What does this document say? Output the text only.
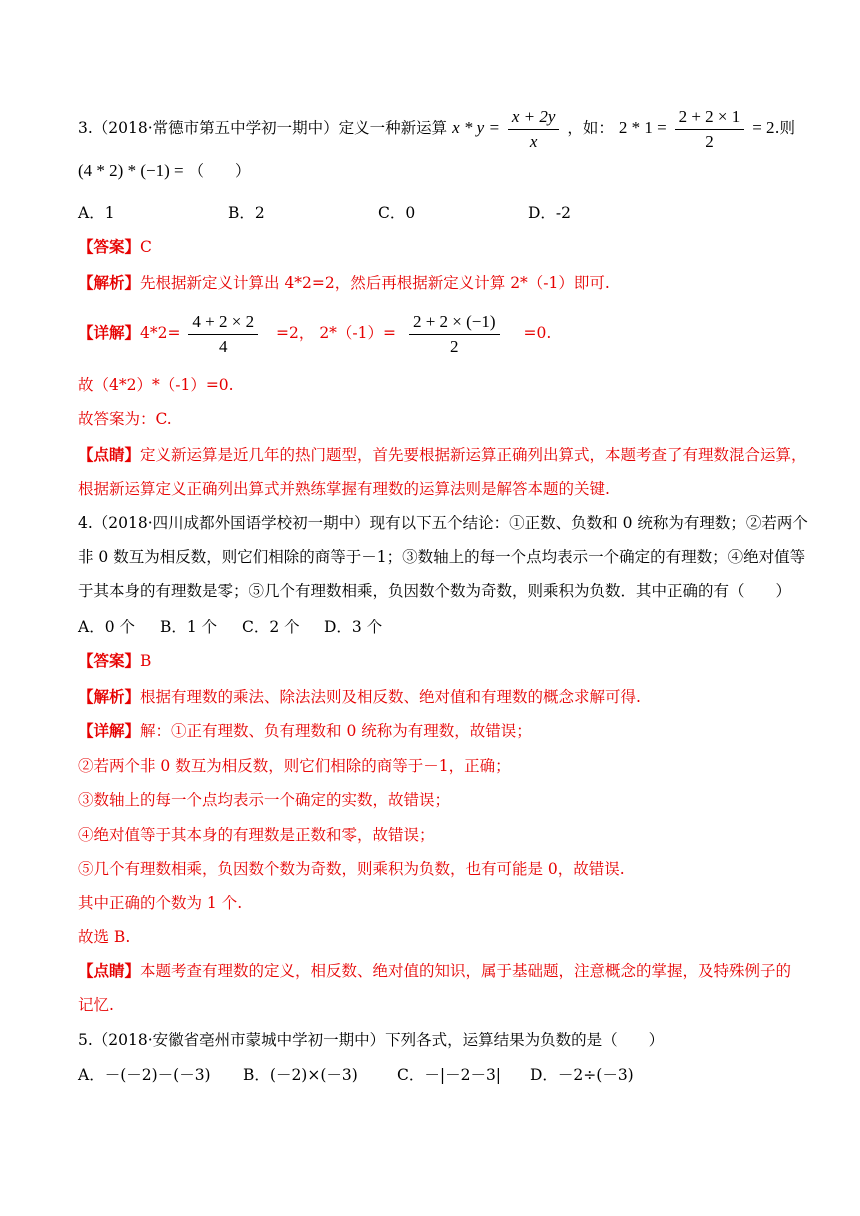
3.（2018·常德市第五中学初一期中）定义一种新运算 $x * y = \frac{x + 2y}{x}$ ，如： $2 * 1 = \frac{2 + 2 \times 1}{2} = 2$.则
(4 * 2) * (−1) = （　　）
A．1	B．2	C．0	D．-2
【答案】C
【解析】先根据新定义计算出 4*2=2，然后再根据新定义计算 2*（-1）即可.
【详解】$4*2= \frac{4 + 2 \times 2}{4} =2$， $2*(-1)= \frac{2 + 2 \times (-1)}{2} =0$.
故（4*2）*（-1）=0.
故答案为：C.
【点睛】定义新运算是近几年的热门题型，首先要根据新运算正确列出算式，本题考查了有理数混合运算，
根据新运算定义正确列出算式并熟练掌握有理数的运算法则是解答本题的关键.
4.（2018·四川成都外国语学校初一期中）现有以下五个结论：①正数、负数和 0 统称为有理数；②若两个
非 0 数互为相反数，则它们相除的商等于－1；③数轴上的每一个点均表示一个确定的有理数；④绝对值等
于其本身的有理数是零；⑤几个有理数相乘，负因数个数为奇数，则乘积为负数．其中正确的有（　　）
A．0 个 B．1 个 C．2 个 D．3 个
【答案】B
【解析】根据有理数的乘法、除法法则及相反数、绝对值和有理数的概念求解可得.
【详解】解：①正有理数、负有理数和 0 统称为有理数，故错误；
②若两个非 0 数互为相反数，则它们相除的商等于－1，正确；
③数轴上的每一个点均表示一个确定的实数，故错误；
④绝对值等于其本身的有理数是正数和零，故错误；
⑤几个有理数相乘，负因数个数为奇数，则乘积为负数，也有可能是 0，故错误.
其中正确的个数为 1 个.
故选 B.
【点睛】本题考查有理数的定义，相反数、绝对值的知识，属于基础题，注意概念的掌握，及特殊例子的
记忆.
5.（2018·安徽省亳州市蒙城中学初一期中）下列各式，运算结果为负数的是（　　）
A．－(－2)－(－3) B．(－2)×(－3)	C．－|－2－3| D．－2÷(－3)
